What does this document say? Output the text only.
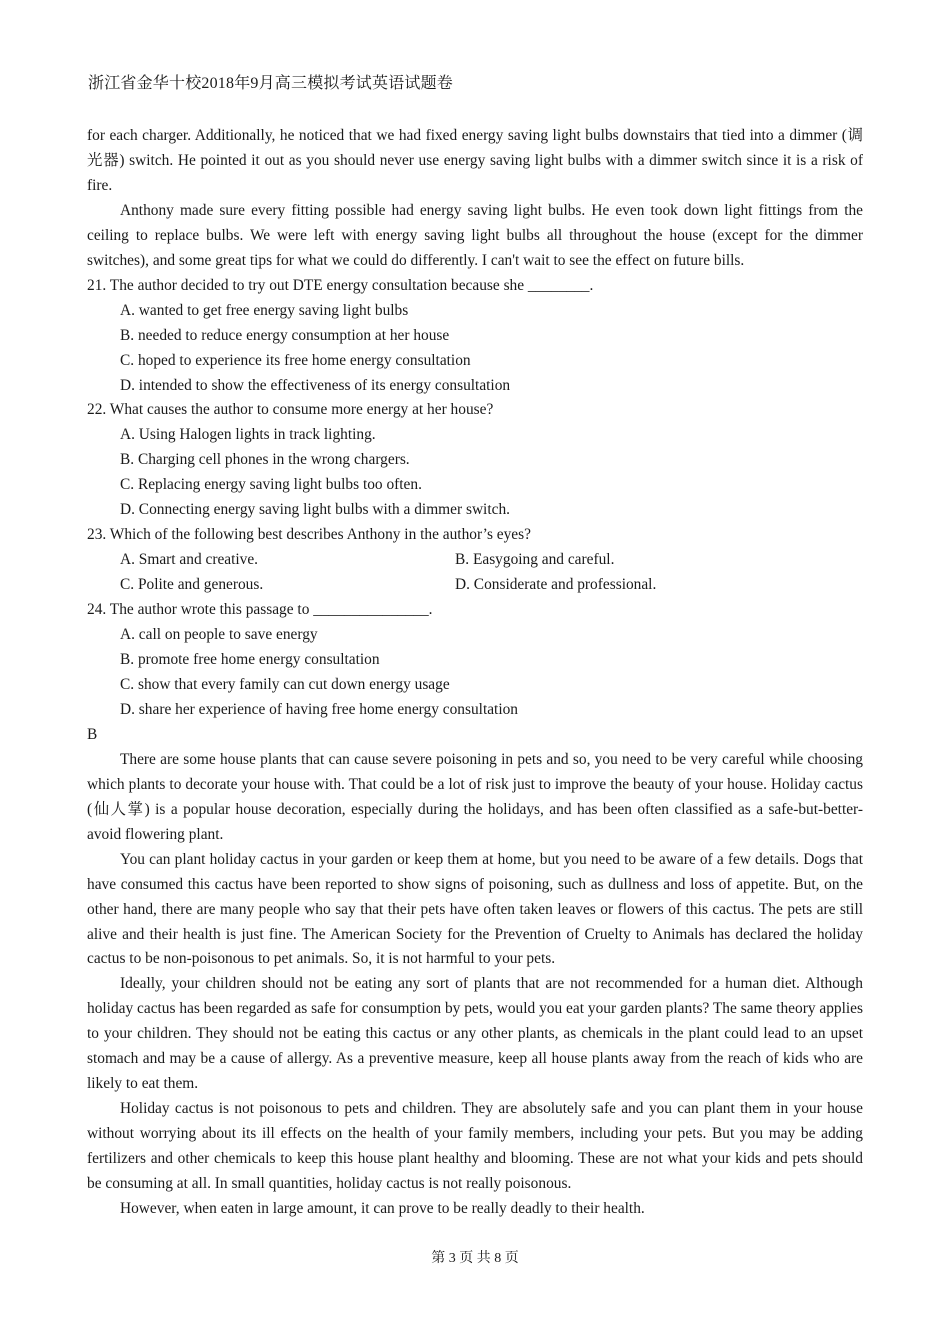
浙江省金华十校2018年9月高三模拟考试英语试题卷

for each charger. Additionally, he noticed that we had fixed energy saving light bulbs downstairs that tied into a dimmer (调光器) switch. He pointed it out as you should never use energy saving light bulbs with a dimmer switch since it is a risk of fire.

Anthony made sure every fitting possible had energy saving light bulbs. He even took down light fittings from the ceiling to replace bulbs. We were left with energy saving light bulbs all throughout the house (except for the dimmer switches), and some great tips for what we could do differently. I can't wait to see the effect on future bills.

21. The author decided to try out DTE energy consultation because she ________.

A. wanted to get free energy saving light bulbs

B. needed to reduce energy consumption at her house

C. hoped to experience its free home energy consultation

D. intended to show the effectiveness of its energy consultation

22. What causes the author to consume more energy at her house?

A. Using Halogen lights in track lighting.

B. Charging cell phones in the wrong chargers.

C. Replacing energy saving light bulbs too often.

D. Connecting energy saving light bulbs with a dimmer switch.

23. Which of the following best describes Anthony in the author’s eyes?

A. Smart and creative.	B. Easygoing and careful.
C. Polite and generous.	D. Considerate and professional.

24. The author wrote this passage to _______________.

A. call on people to save energy

B. promote free home energy consultation

C. show that every family can cut down energy usage

D. share her experience of having free home energy consultation

B

There are some house plants that can cause severe poisoning in pets and so, you need to be very careful while choosing which plants to decorate your house with. That could be a lot of risk just to improve the beauty of your house. Holiday cactus (仙人掌) is a popular house decoration, especially during the holidays, and has been often classified as a safe-but-better-avoid flowering plant.

You can plant holiday cactus in your garden or keep them at home, but you need to be aware of a few details. Dogs that have consumed this cactus have been reported to show signs of poisoning, such as dullness and loss of appetite. But, on the other hand, there are many people who say that their pets have often taken leaves or flowers of this cactus. The pets are still alive and their health is just fine. The American Society for the Prevention of Cruelty to Animals has declared the holiday cactus to be non-poisonous to pet animals. So, it is not harmful to your pets.

Ideally, your children should not be eating any sort of plants that are not recommended for a human diet. Although holiday cactus has been regarded as safe for consumption by pets, would you eat your garden plants? The same theory applies to your children. They should not be eating this cactus or any other plants, as chemicals in the plant could lead to an upset stomach and may be a cause of allergy. As a preventive measure, keep all house plants away from the reach of kids who are likely to eat them.

Holiday cactus is not poisonous to pets and children. They are absolutely safe and you can plant them in your house without worrying about its ill effects on the health of your family members, including your pets. But you may be adding fertilizers and other chemicals to keep this house plant healthy and blooming. These are not what your kids and pets should be consuming at all. In small quantities, holiday cactus is not really poisonous.

However, when eaten in large amount, it can prove to be really deadly to their health.

第 3 页 共 8 页
